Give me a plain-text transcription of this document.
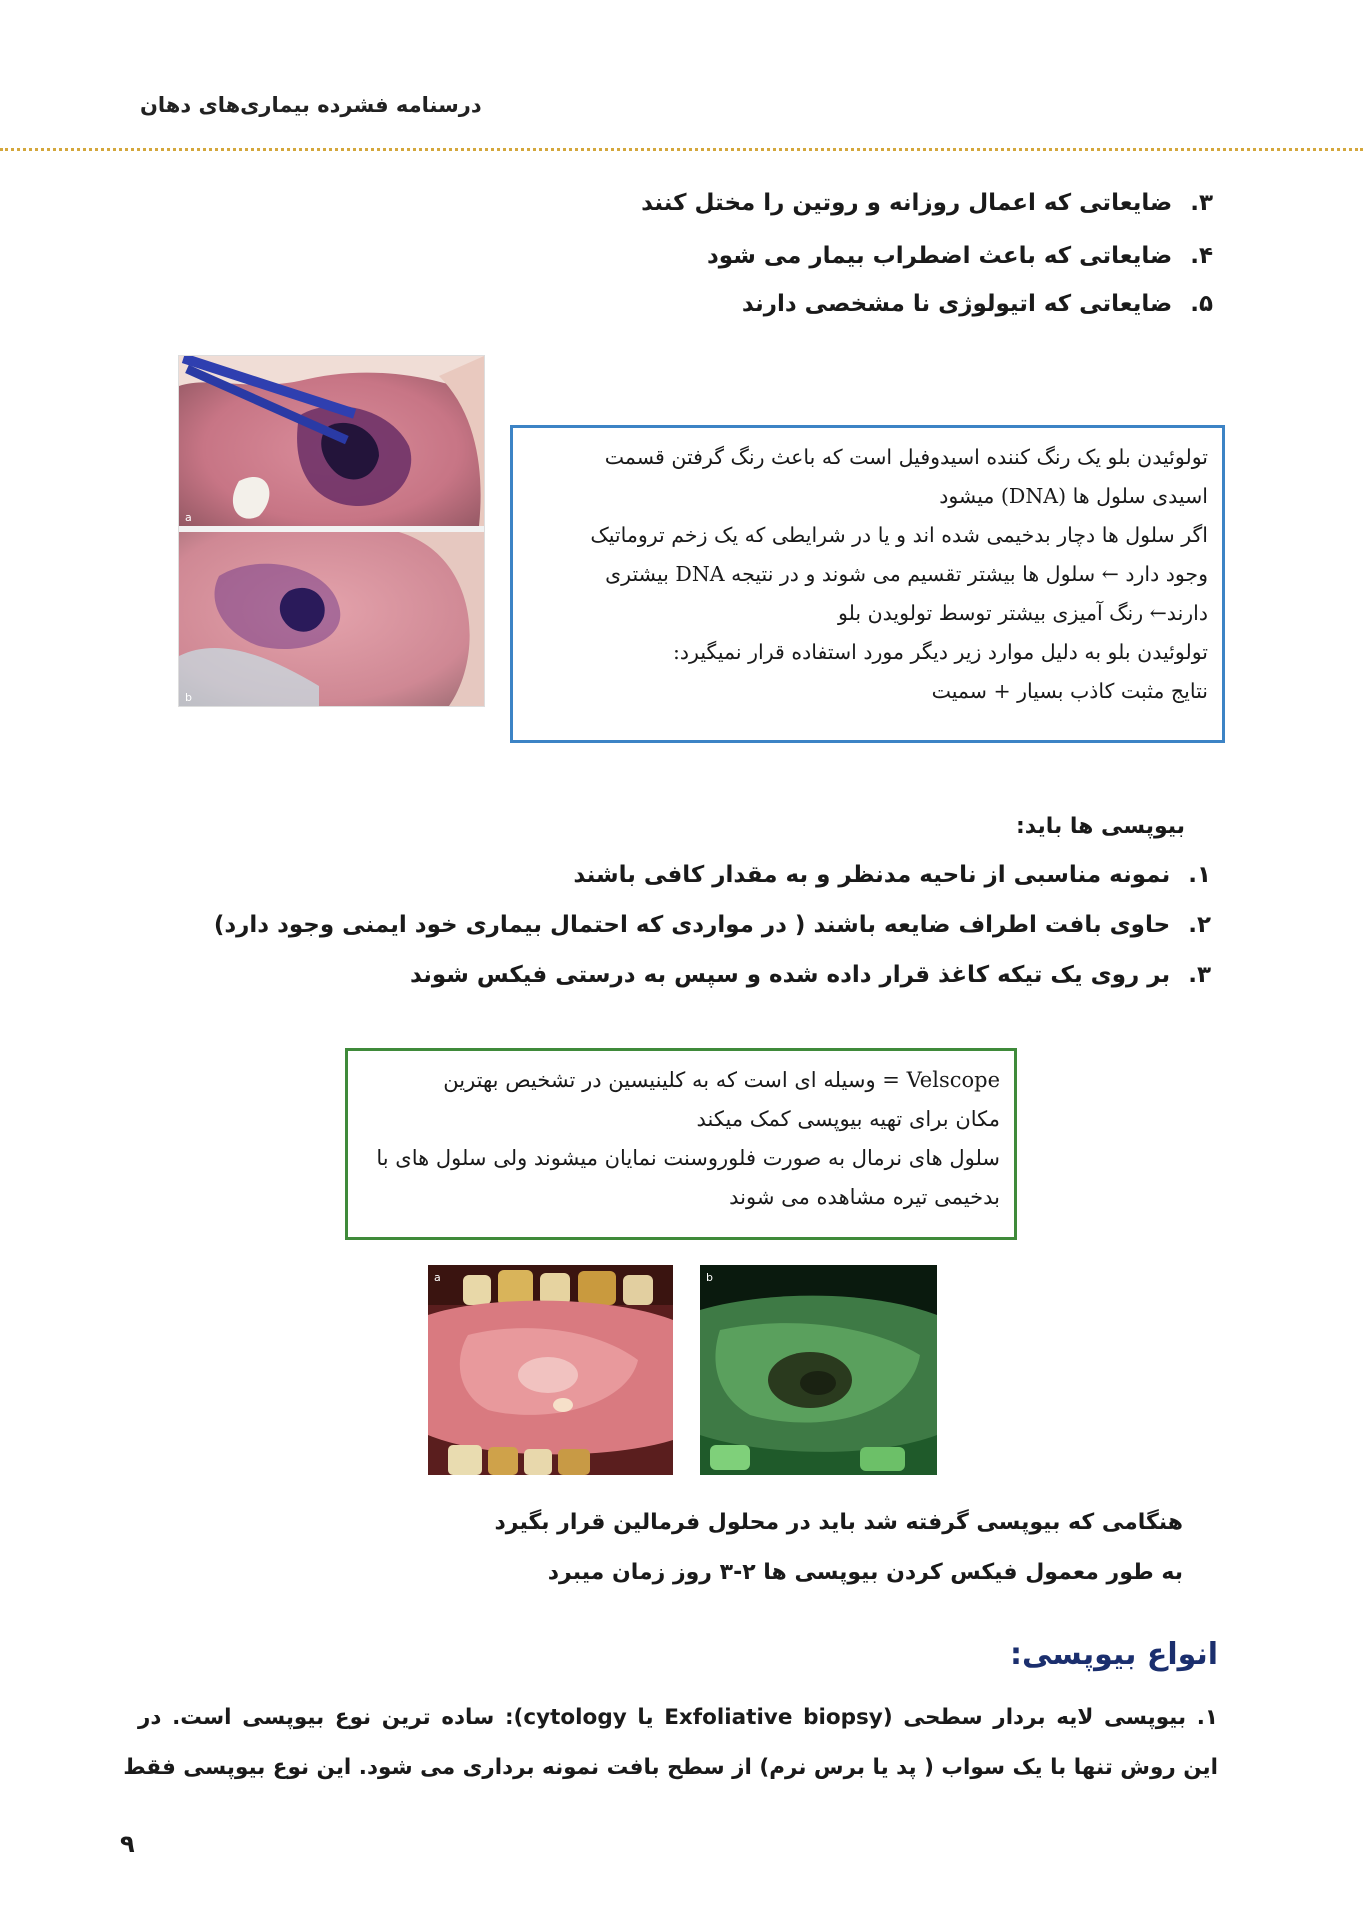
درسنامه فشرده بیماری‌های دهان
۳.ضایعاتی که اعمال روزانه و روتین را مختل کنند
۴.ضایعاتی که باعث اضطراب بیمار می شود
۵.ضایعاتی که اتیولوژی نا مشخصی دارند
a
b
تولوئیدن بلو یک رنگ کننده اسیدوفیل است که باعث رنگ گرفتن قسمت
اسیدی سلول ها (DNA) میشود
اگر سلول ها دچار بدخیمی شده اند و یا در شرایطی که یک زخم تروماتیک
وجود دارد ← سلول ها بیشتر تقسیم می شوند و در نتیجه DNA بیشتری
دارند← رنگ آمیزی بیشتر توسط تولویدن بلو
تولوئیدن بلو به دلیل موارد زیر دیگر مورد استفاده قرار نمیگیرد:
نتایج مثبت کاذب بسیار + سمیت
بیوپسی ها باید:
۱.نمونه مناسبی از ناحیه مدنظر و به مقدار کافی باشند
۲.حاوی بافت اطراف ضایعه باشند ( در مواردی که احتمال بیماری خود ایمنی وجود دارد)
۳.بر روی یک تیکه کاغذ قرار داده شده و سپس به درستی فیکس شوند
Velscope = وسیله ای است که به کلینیسین در تشخیص بهترین
مکان برای تهیه بیوپسی کمک میکند
سلول های نرمال به صورت فلوروسنت نمایان میشوند ولی سلول های با
بدخیمی تیره مشاهده می شوند
a	b
هنگامی که بیوپسی گرفته شد باید در محلول فرمالین قرار بگیرد
به طور معمول فیکس کردن بیوپسی ها ۲-۳ روز زمان میبرد
انواع بیوپسی:
۱. بیوپسی لایه بردار سطحی (Exfoliative biopsy یا cytology): ساده ترین نوع بیوپسی است. در
این روش تنها با یک سواب ( پد یا برس نرم) از سطح بافت نمونه برداری می شود. این نوع بیوپسی فقط
۹
